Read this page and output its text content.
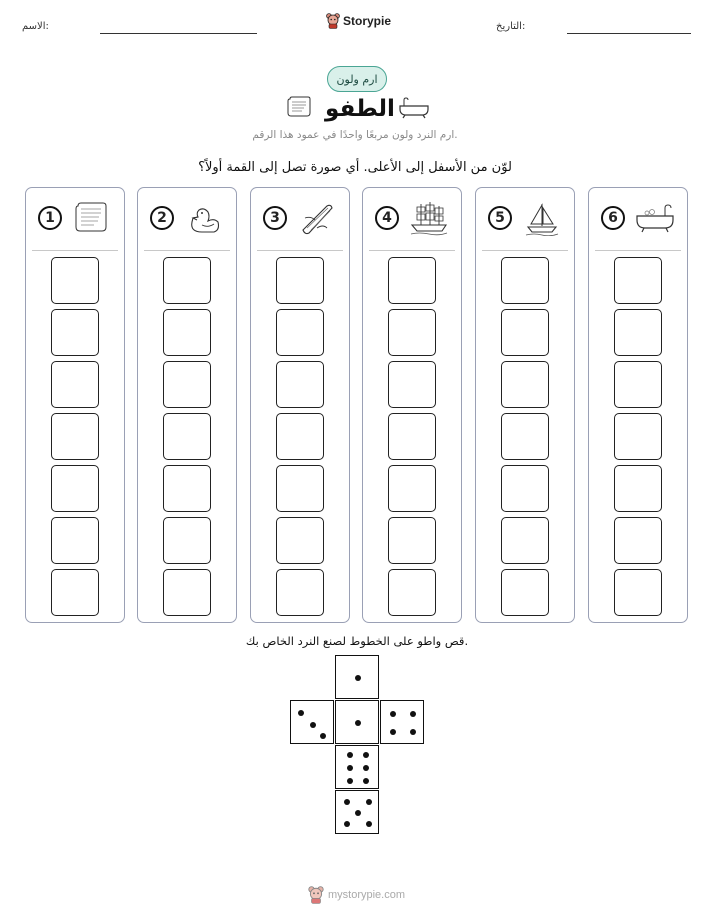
الاسم:	التاريخ:
Storypie
ارم ولون
الطفو
ارم النرد ولون مربعًا واحدًا في عمود هذا الرقم.
لوّن من الأسفل إلى الأعلى. أي صورة تصل إلى القمة أولاً؟
1	2	3	4	5	6
قص واطو على الخطوط لصنع النرد الخاص بك.
mystorypie.com
